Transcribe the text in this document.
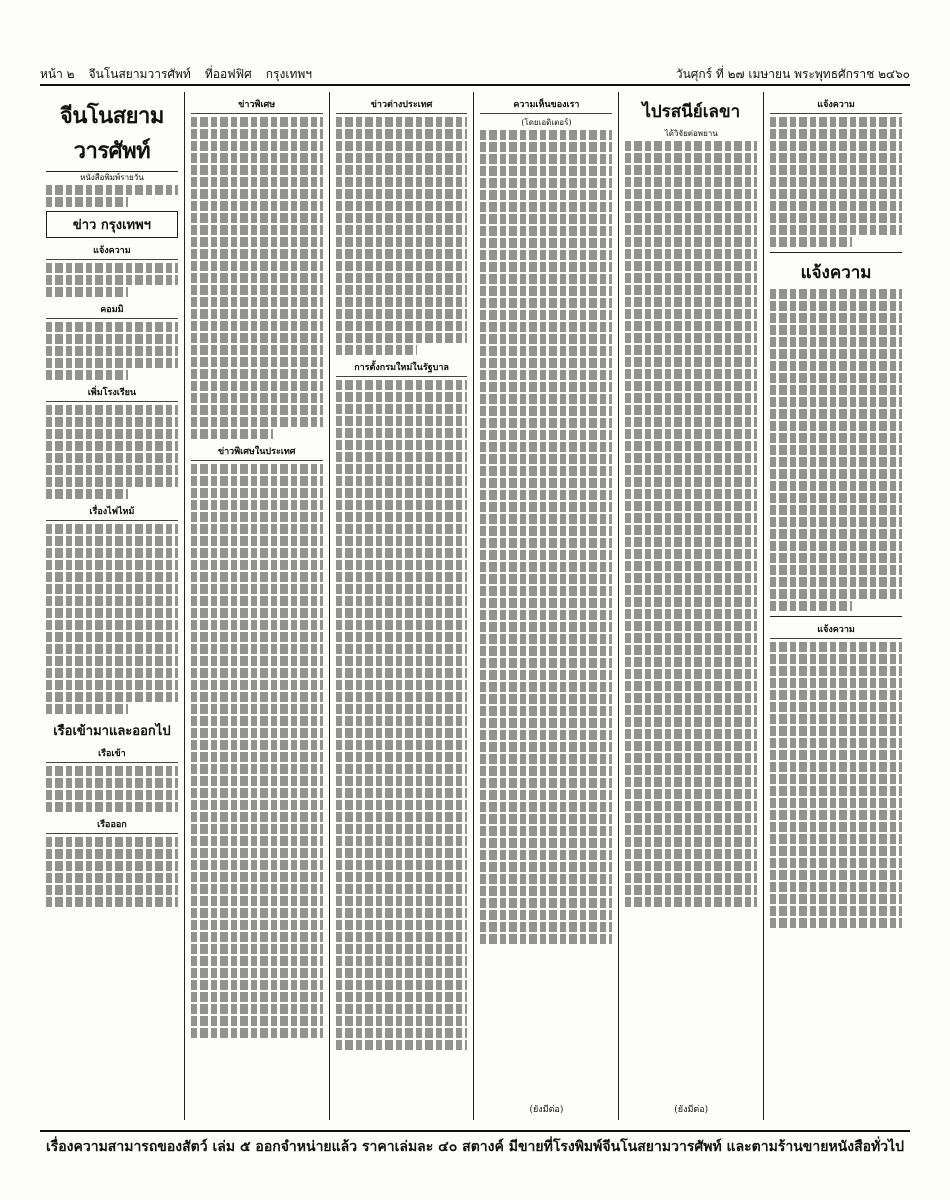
หน้า ๒ จีนโนสยามวารศัพท์ ที่ออฟฟิศ กรุงเทพฯ	วันศุกร์ ที่ ๒๗ เมษายน พระพุทธศักราช ๒๔๖๐
จีนโนสยามวารศัพท์
หนังสือพิมพ์รายวัน
ข่าว กรุงเทพฯ
แจ้งความ
คอมมิ
เพิ่มโรงเรียน
เรื่องไฟไหม้
เรือเข้ามาและออกไป
เรือเข้า
เรือออก
ข่าวพิเศษ
ข่าวพิเศษในประเทศ
ข่าวต่างประเทศ
การตั้งกรมใหม่ในรัฐบาล
ความเห็นของเรา
(โดยเอดิเตอร์)
(ยังมีต่อ)
ไปรสนีย์เลขา
ได้วิจัยต่อพยาน
(ยังมีต่อ)
แจ้งความ
แจ้งความ
แจ้งความ
เรื่องความสามารถของสัตว์ เล่ม ๕ ออกจำหน่ายแล้ว ราคาเล่มละ ๔๐ สตางค์ มีขายที่โรงพิมพ์จีนโนสยามวารศัพท์ และตามร้านขายหนังสือทั่วไป
